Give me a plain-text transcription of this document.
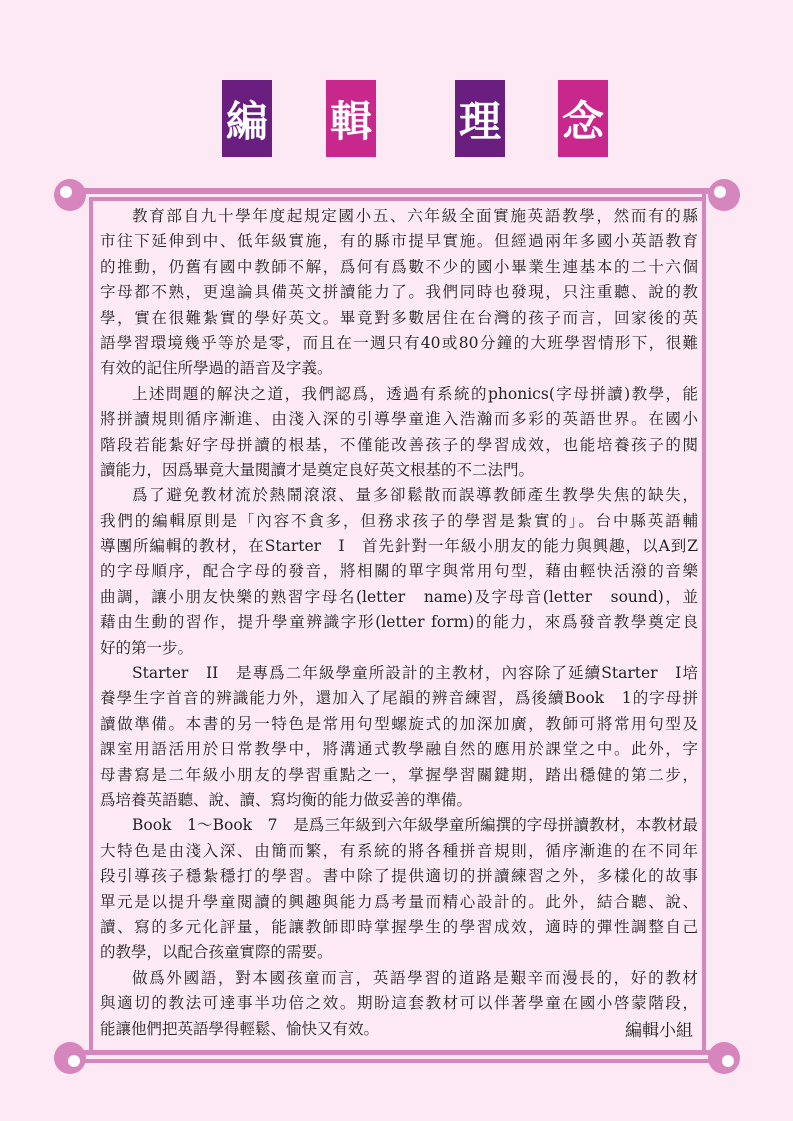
編 輯 理 念
教育部自九十學年度起規定國小五、六年級全面實施英語教學，然而有的縣
市往下延伸到中、低年級實施，有的縣市提早實施。但經過兩年多國小英語教育
的推動，仍舊有國中教師不解，爲何有爲數不少的國小畢業生連基本的二十六個
字母都不熟，更遑論具備英文拼讀能力了。我們同時也發現，只注重聽、說的教
學，實在很難紮實的學好英文。畢竟對多數居住在台灣的孩子而言，回家後的英
語學習環境幾乎等於是零，而且在一週只有40或80分鐘的大班學習情形下，很難
有效的記住所學過的語音及字義。
上述問題的解決之道，我們認爲，透過有系統的phonics(字母拼讀)教學，能
將拼讀規則循序漸進、由淺入深的引導學童進入浩瀚而多彩的英語世界。在國小
階段若能紮好字母拼讀的根基，不僅能改善孩子的學習成效，也能培養孩子的閱
讀能力，因爲畢竟大量閱讀才是奠定良好英文根基的不二法門。
爲了避免教材流於熱鬧滾滾、量多卻鬆散而誤導教師產生教學失焦的缺失，
我們的編輯原則是「內容不貪多，但務求孩子的學習是紮實的」。台中縣英語輔
導團所編輯的教材，在Starter　I　首先針對一年級小朋友的能力與興趣，以A到Z
的字母順序，配合字母的發音，將相關的單字與常用句型，藉由輕快活潑的音樂
曲調，讓小朋友快樂的熟習字母名(letter　name)及字母音(letter　sound)，並
藉由生動的習作，提升學童辨識字形(letter form)的能力，來爲發音教學奠定良
好的第一步。
Starter　II　是專爲二年級學童所設計的主教材，內容除了延續Starter　I培
養學生字首音的辨識能力外，還加入了尾韻的辨音練習，爲後續Book　1的字母拼
讀做準備。本書的另一特色是常用句型螺旋式的加深加廣，教師可將常用句型及
課室用語活用於日常教學中，將溝通式教學融自然的應用於課堂之中。此外，字
母書寫是二年級小朋友的學習重點之一，掌握學習關鍵期，踏出穩健的第二步，
爲培養英語聽、說、讀、寫均衡的能力做妥善的準備。
Book　1～Book　7　是爲三年級到六年級學童所編撰的字母拼讀教材，本教材最
大特色是由淺入深、由簡而繁，有系統的將各種拼音規則，循序漸進的在不同年
段引導孩子穩紮穩打的學習。書中除了提供適切的拼讀練習之外，多樣化的故事
單元是以提升學童閱讀的興趣與能力爲考量而精心設計的。此外，結合聽、說、
讀、寫的多元化評量，能讓教師即時掌握學生的學習成效，適時的彈性調整自己
的教學，以配合孩童實際的需要。
做爲外國語，對本國孩童而言，英語學習的道路是艱辛而漫長的，好的教材
與適切的教法可達事半功倍之效。期盼這套教材可以伴著學童在國小啓蒙階段，
能讓他們把英語學得輕鬆、愉快又有效。	編輯小組
